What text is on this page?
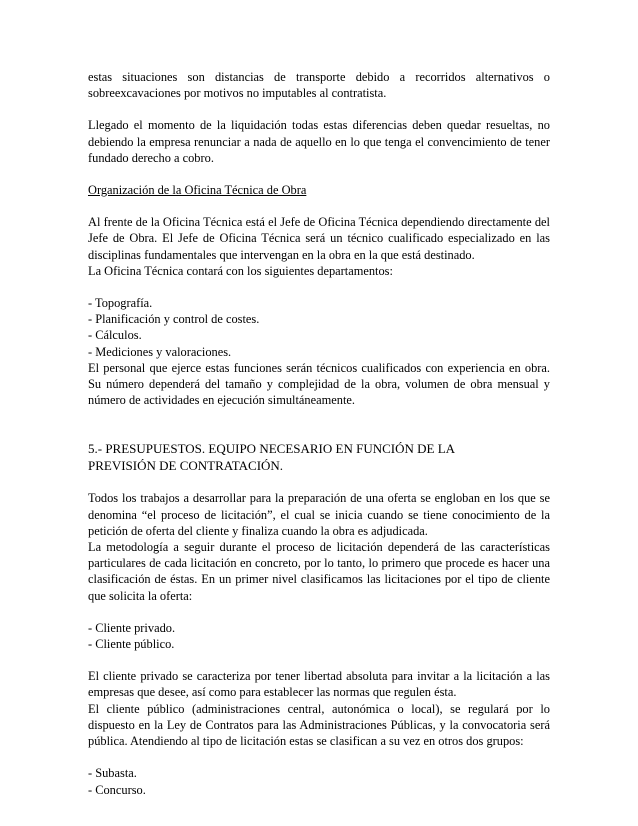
estas situaciones son distancias de transporte debido a recorridos alternativos o sobreexcavaciones por motivos no imputables al contratista.

Llegado el momento de la liquidación todas estas diferencias deben quedar resueltas, no debiendo la empresa renunciar a nada de aquello en lo que tenga el convencimiento de tener fundado derecho a cobro.

Organización de la Oficina Técnica de Obra

Al frente de la Oficina Técnica está el Jefe de Oficina Técnica dependiendo directamente del Jefe de Obra. El Jefe de Oficina Técnica será un técnico cualificado especializado en las disciplinas fundamentales que intervengan en la obra en la que está destinado.

La Oficina Técnica contará con los siguientes departamentos:

- Topografía.

- Planificación y control de costes.

- Cálculos.

- Mediciones y valoraciones.

El personal que ejerce estas funciones serán técnicos cualificados con experiencia en obra. Su número dependerá del tamaño y complejidad de la obra, volumen de obra mensual y número de actividades en ejecución simultáneamente.

5.- PRESUPUESTOS. EQUIPO NECESARIO EN FUNCIÓN DE LA

PREVISIÓN DE CONTRATACIÓN.

Todos los trabajos a desarrollar para la preparación de una oferta se engloban en los que se denomina “el proceso de licitación”, el cual se inicia cuando se tiene conocimiento de la petición de oferta del cliente y finaliza cuando la obra es adjudicada.

La metodología a seguir durante el proceso de licitación dependerá de las características particulares de cada licitación en concreto, por lo tanto, lo primero que procede es hacer una clasificación de éstas. En un primer nivel clasificamos las licitaciones por el tipo de cliente que solicita la oferta:

- Cliente privado.

- Cliente público.

El cliente privado se caracteriza por tener libertad absoluta para invitar a la licitación a las empresas que desee, así como para establecer las normas que regulen ésta.

El cliente público (administraciones central, autonómica o local), se regulará por lo dispuesto en la Ley de Contratos para las Administraciones Públicas, y la convocatoria será pública. Atendiendo al tipo de licitación estas se clasifican a su vez en otros dos grupos:

- Subasta.

- Concurso.
